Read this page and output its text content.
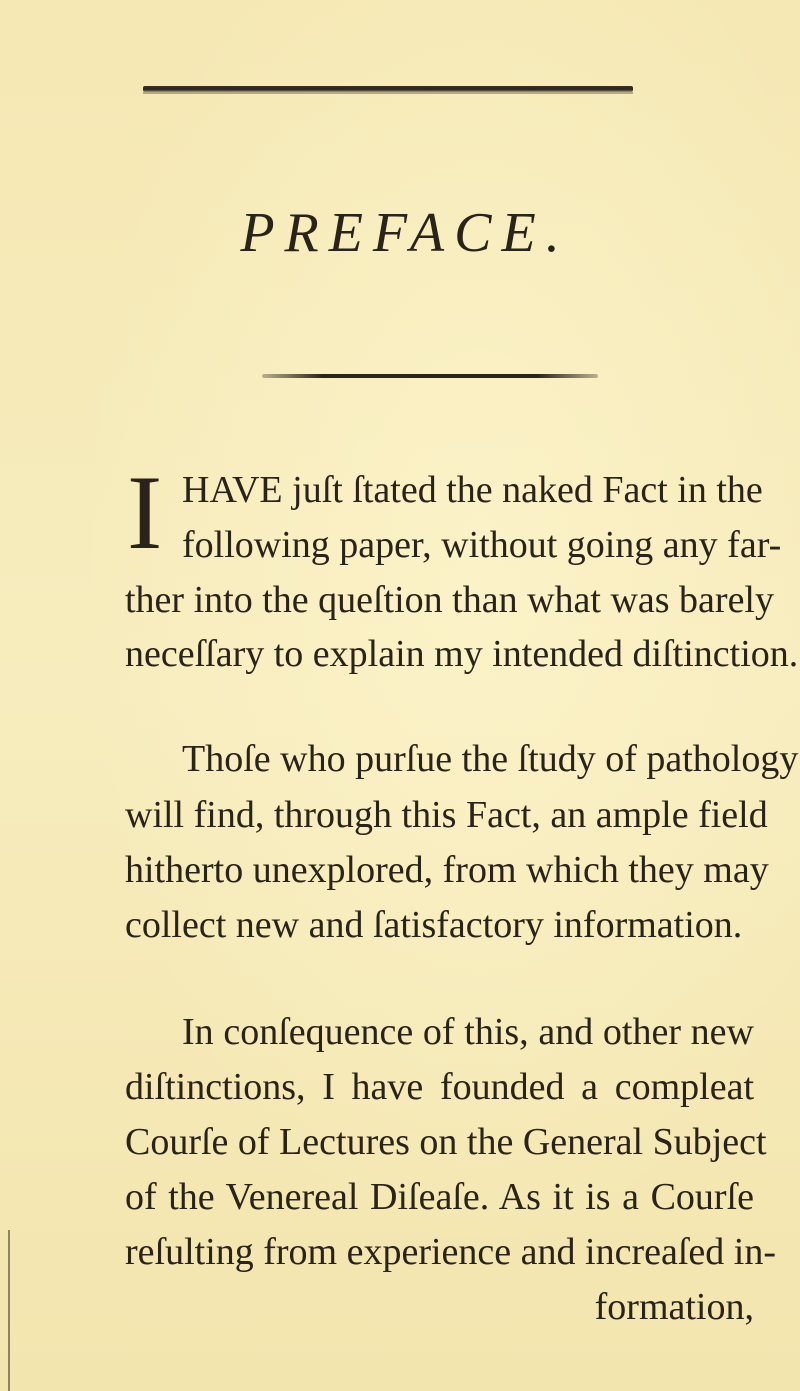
PREFACE.
I HAVE juſt ſtated the naked Fact in the
following paper, without going any far-
ther into the queſtion than what was barely
neceſſary to explain my intended diſtinction.
Thoſe who purſue the ſtudy of pathology
will find, through this Fact, an ample field
hitherto unexplored, from which they may
collect new and ſatisfactory information.
In conſequence of this, and other new
diſtinctions, I have founded a compleat
Courſe of Lectures on the General Subject
of the Venereal Diſeaſe. As it is a Courſe
reſulting from experience and increaſed in-
formation,
